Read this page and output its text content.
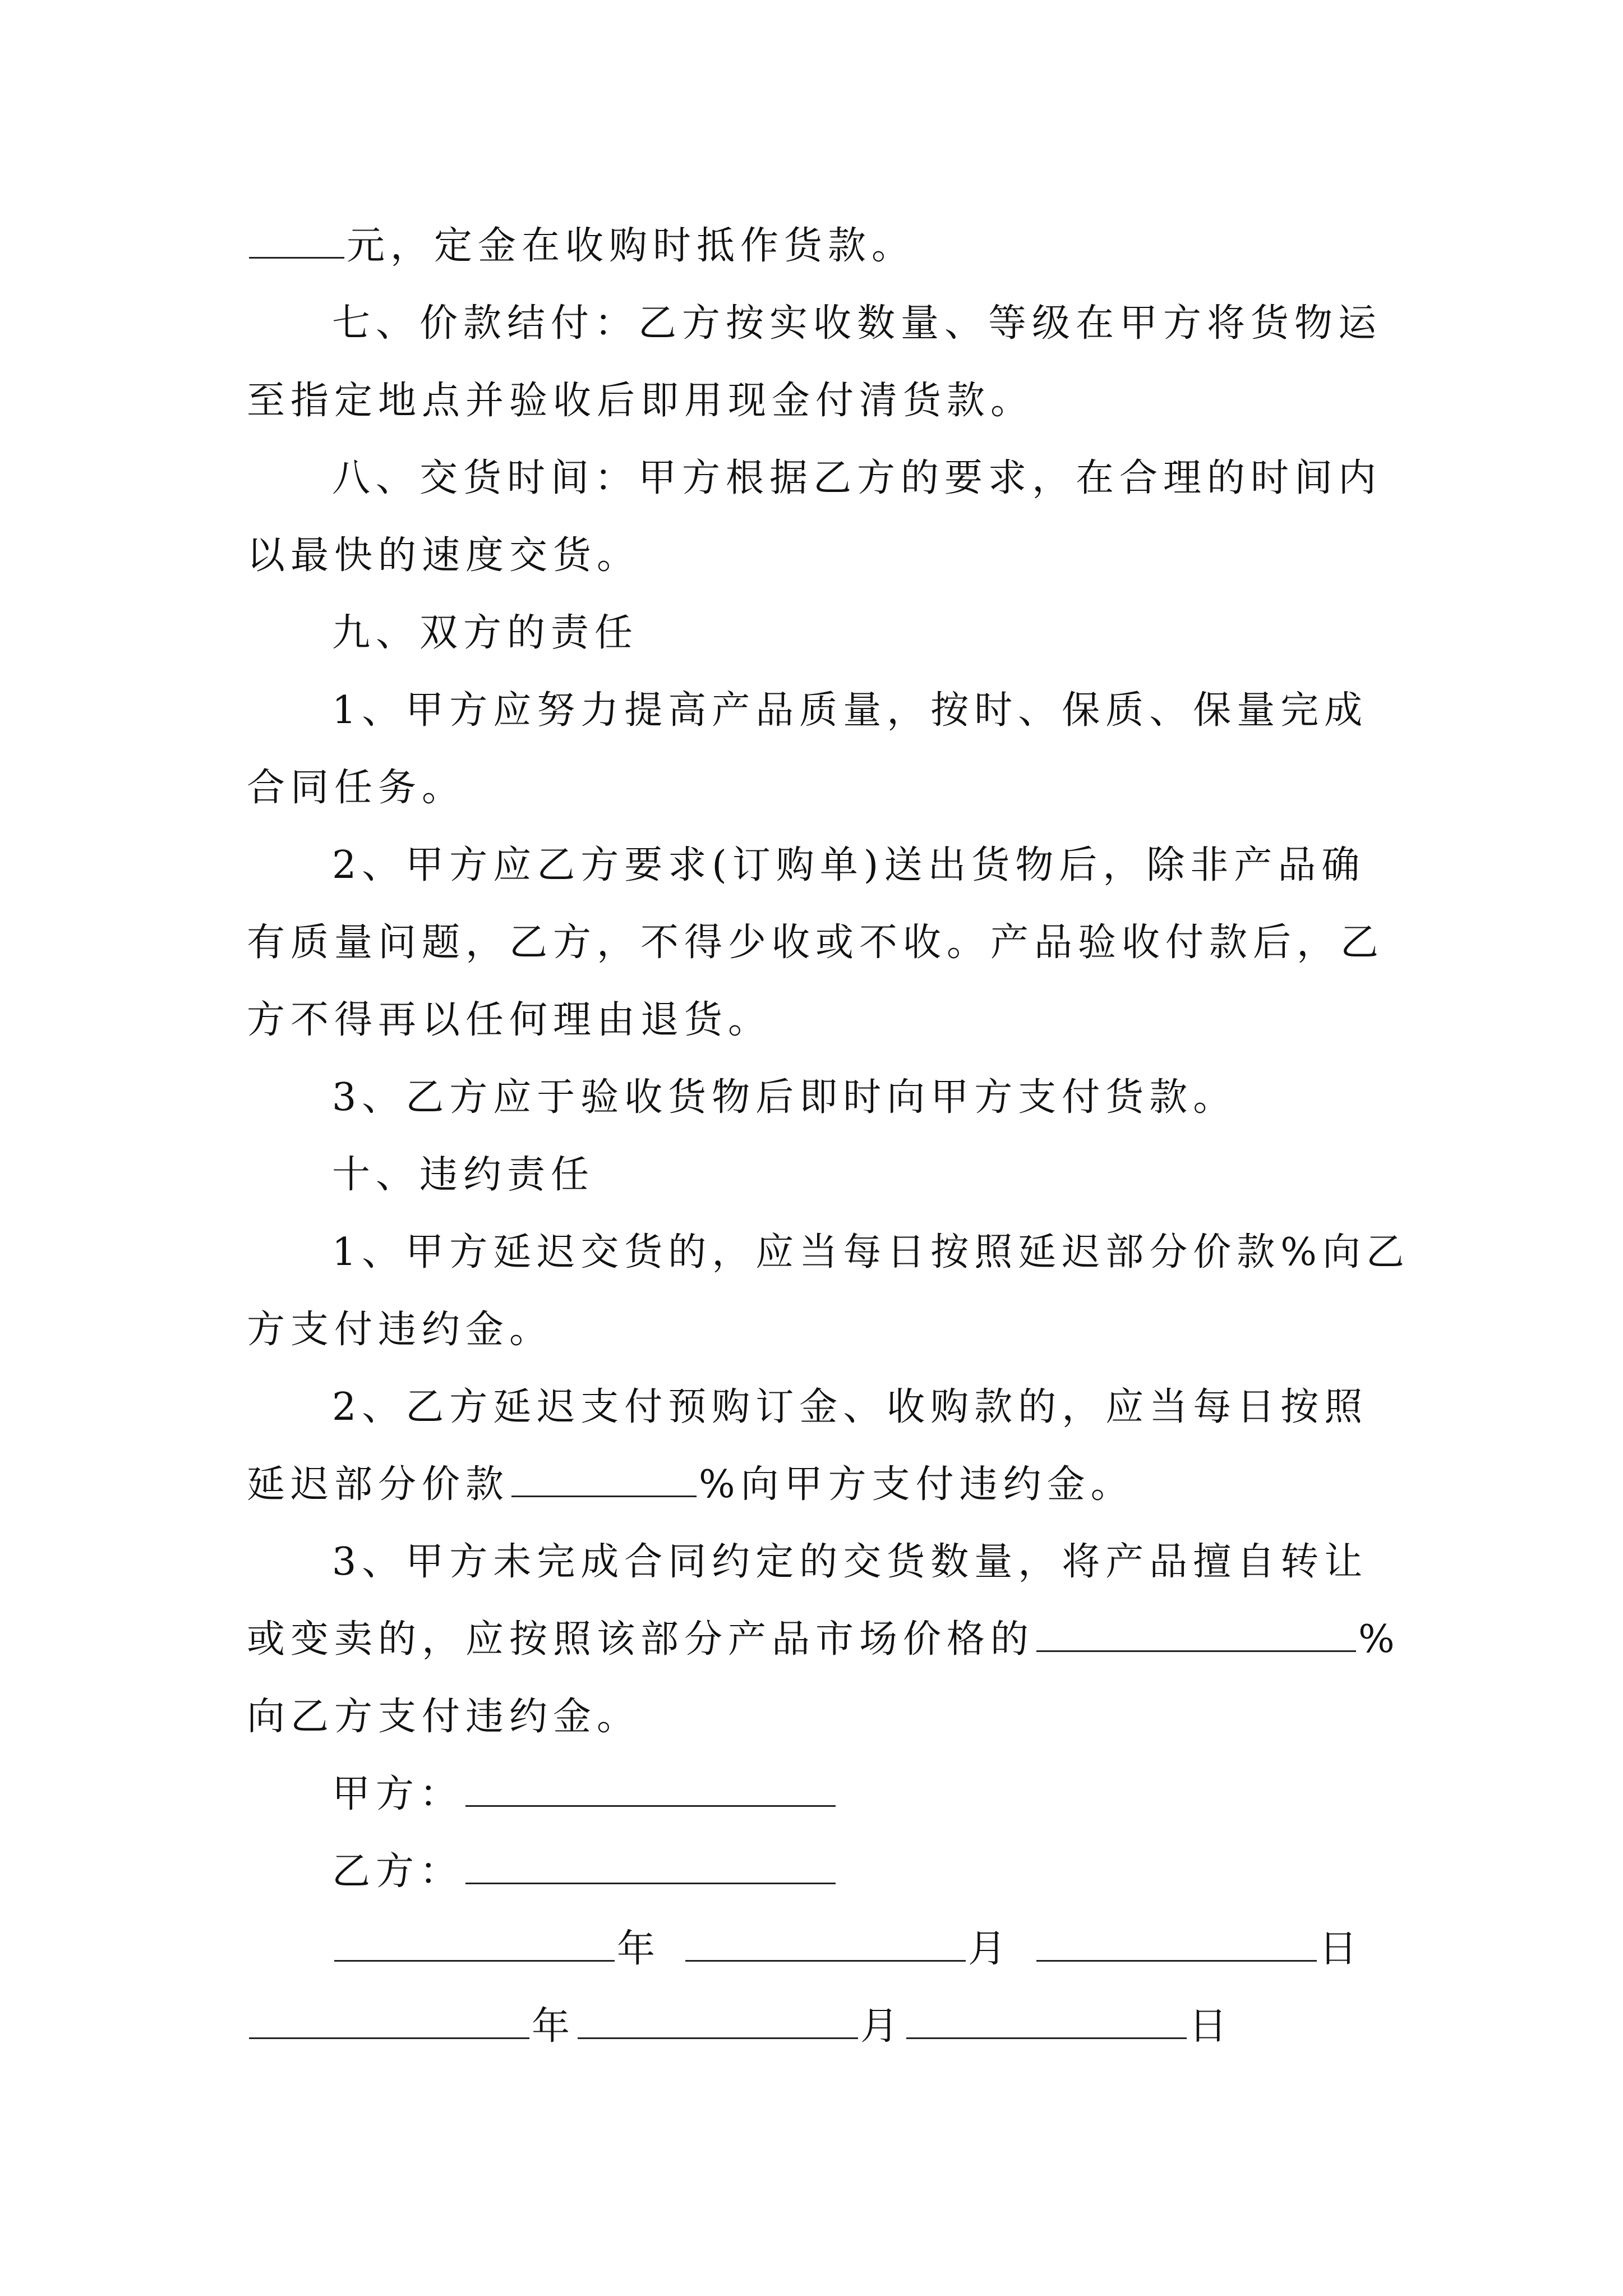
元，定金在收购时抵作货款。
七、价款结付：乙方按实收数量、等级在甲方将货物运
至指定地点并验收后即用现金付清货款。
八、交货时间：甲方根据乙方的要求，在合理的时间内
以最快的速度交货。
九、双方的责任
1、甲方应努力提高产品质量，按时、保质、保量完成
合同任务。
2、甲方应乙方要求(订购单)送出货物后，除非产品确
有质量问题，乙方，不得少收或不收。产品验收付款后，乙
方不得再以任何理由退货。
3、乙方应于验收货物后即时向甲方支付货款。
十、违约责任
1、甲方延迟交货的，应当每日按照延迟部分价款%向乙
方支付违约金。
2、乙方延迟支付预购订金、收购款的，应当每日按照
延迟部分价款	%向甲方支付违约金。
3、甲方未完成合同约定的交货数量，将产品擅自转让
或变卖的，应按照该部分产品市场价格的	%
向乙方支付违约金。
甲方：
乙方：
年	月	日
年	月	日
